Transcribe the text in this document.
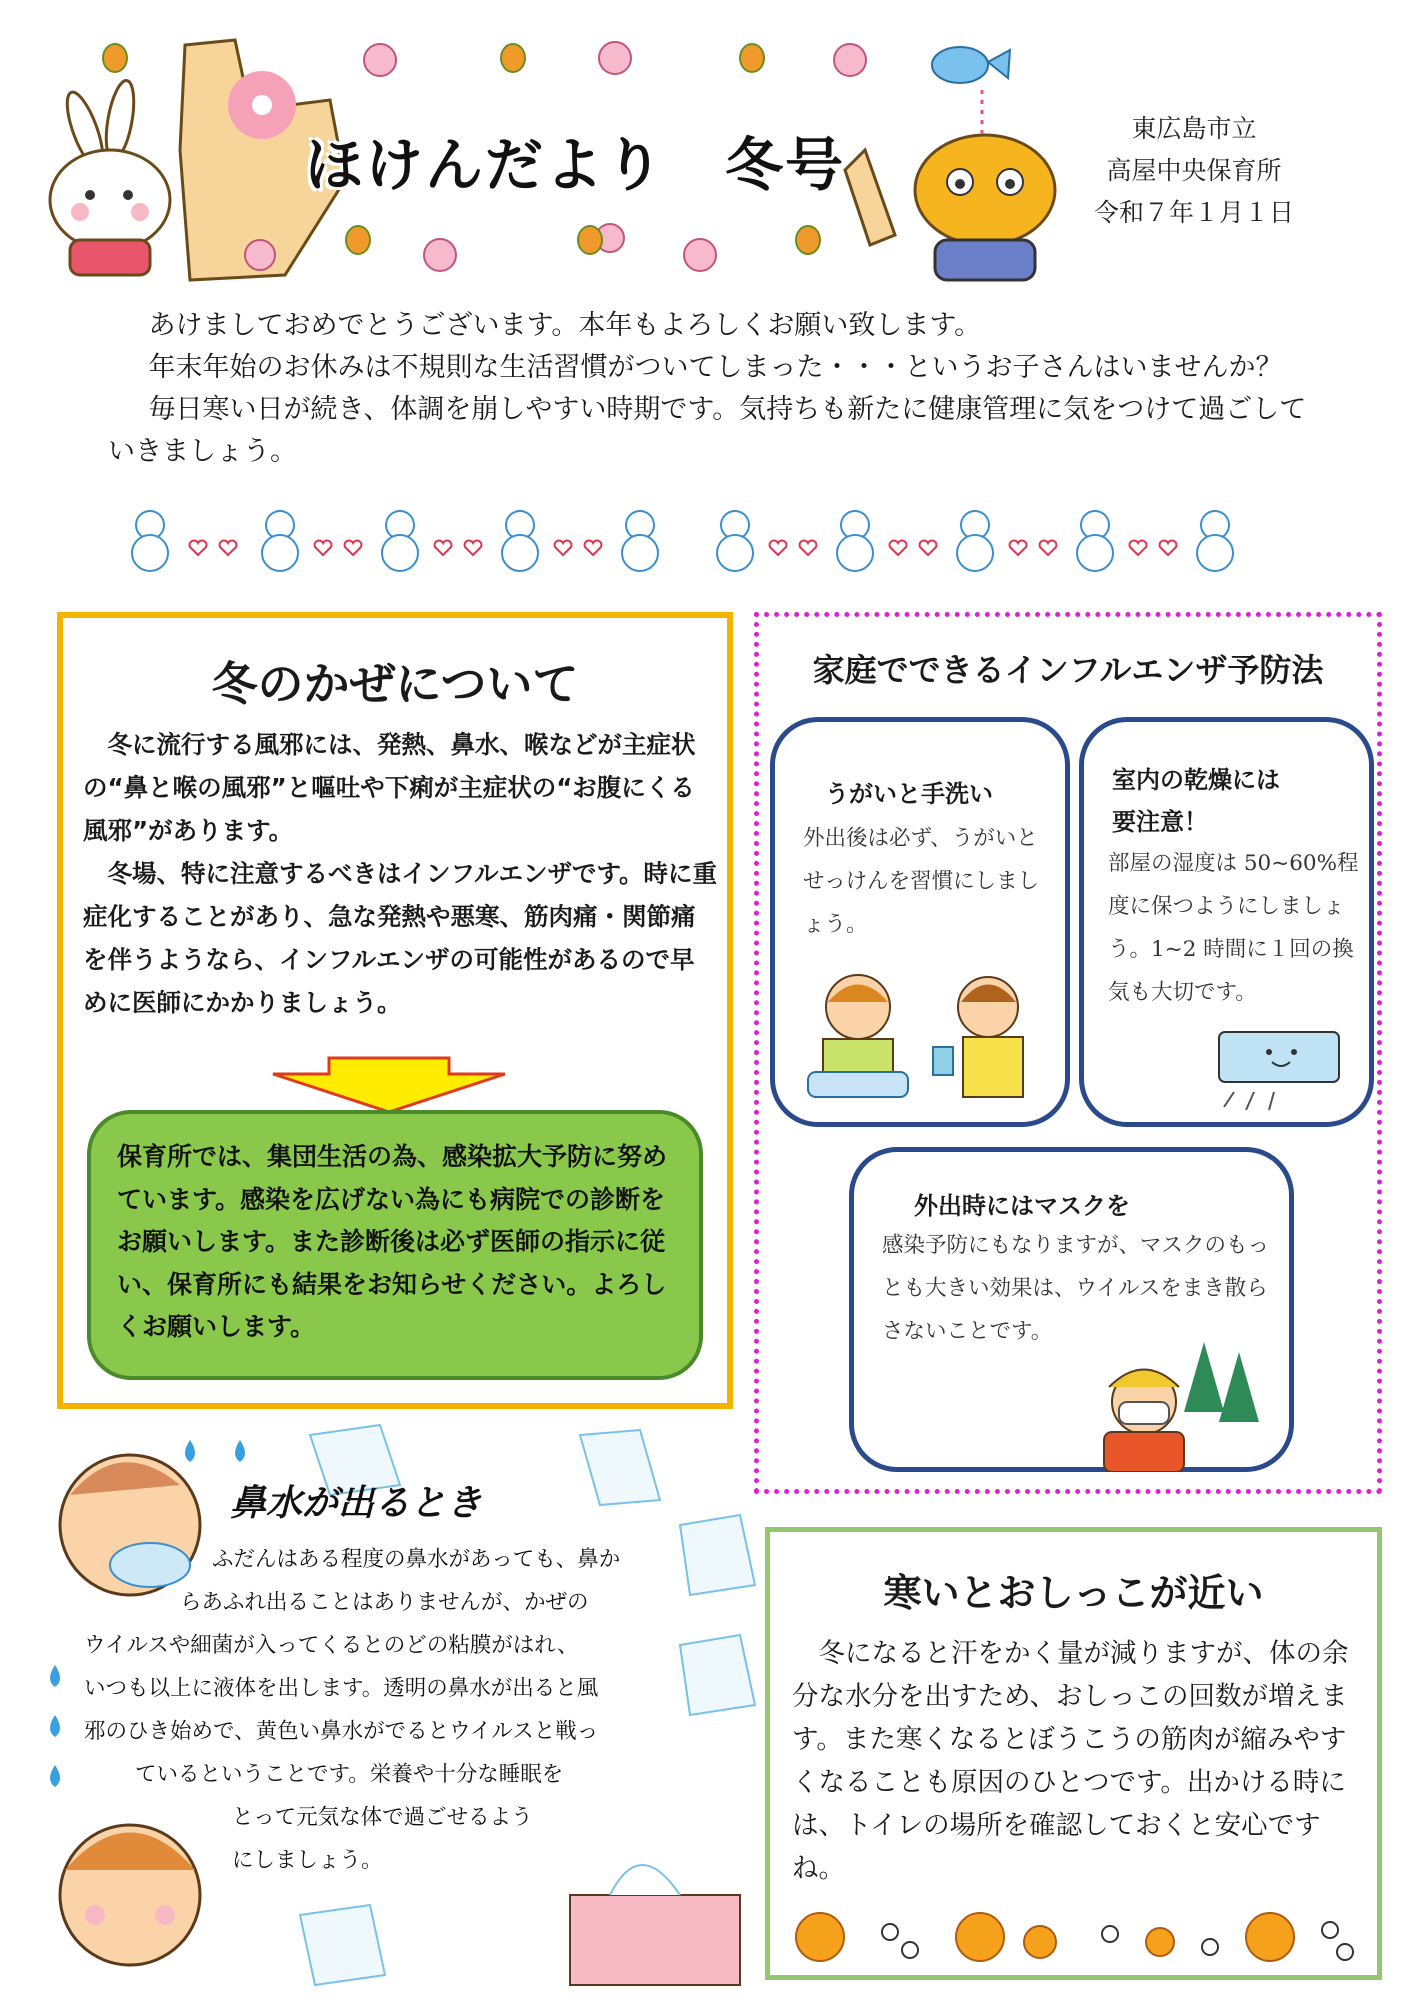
ほけんだより　冬号
東広島市立
高屋中央保育所
令和７年１月１日

あけましておめでとうございます。本年もよろしくお願い致します。

年末年始のお休みは不規則な生活習慣がついてしまった・・・というお子さんはいませんか？

毎日寒い日が続き、体調を崩しやすい時期です。気持ちも新たに健康管理に気をつけて過ごしていきましょう。

冬のかぜについて

冬に流行する風邪には、発熱、鼻水、喉などが主症状の“鼻と喉の風邪”と嘔吐や下痢が主症状の“お腹にくる風邪”があります。

冬場、特に注意するべきはインフルエンザです。時に重症化することがあり、急な発熱や悪寒、筋肉痛・関節痛を伴うようなら、インフルエンザの可能性があるので早めに医師にかかりましょう。

保育所では、集団生活の為、感染拡大予防に努めています。感染を広げない為にも病院での診断をお願いします。また診断後は必ず医師の指示に従い、保育所にも結果をお知らせください。よろしくお願いします。
家庭でできるインフルエンザ予防法
うがいと手洗い
外出後は必ず、うがいとせっけんを習慣にしましょう。
室内の乾燥には
要注意！
部屋の湿度は 50~60%程度に保つようにしましょう。1~2 時間に１回の換気も大切です。
外出時にはマスクを
感染予防にもなりますが、マスクのもっとも大きい効果は、ウイルスをまき散らさないことです。
鼻水が出るとき
ふだんはある程度の鼻水があっても、鼻か
らあふれ出ることはありませんが、かぜの
ウイルスや細菌が入ってくるとのどの粘膜がはれ、
いつも以上に液体を出します。透明の鼻水が出ると風
邪のひき始めで、黄色い鼻水がでるとウイルスと戦っ
ているということです。栄養や十分な睡眠を
とって元気な体で過ごせるよう
にしましょう。
寒いとおしっこが近い

冬になると汗をかく量が減りますが、体の余分な水分を出すため、おしっこの回数が増えます。また寒くなるとぼうこうの筋肉が縮みやすくなることも原因のひとつです。出かける時には、トイレの場所を確認しておくと安心ですね。
